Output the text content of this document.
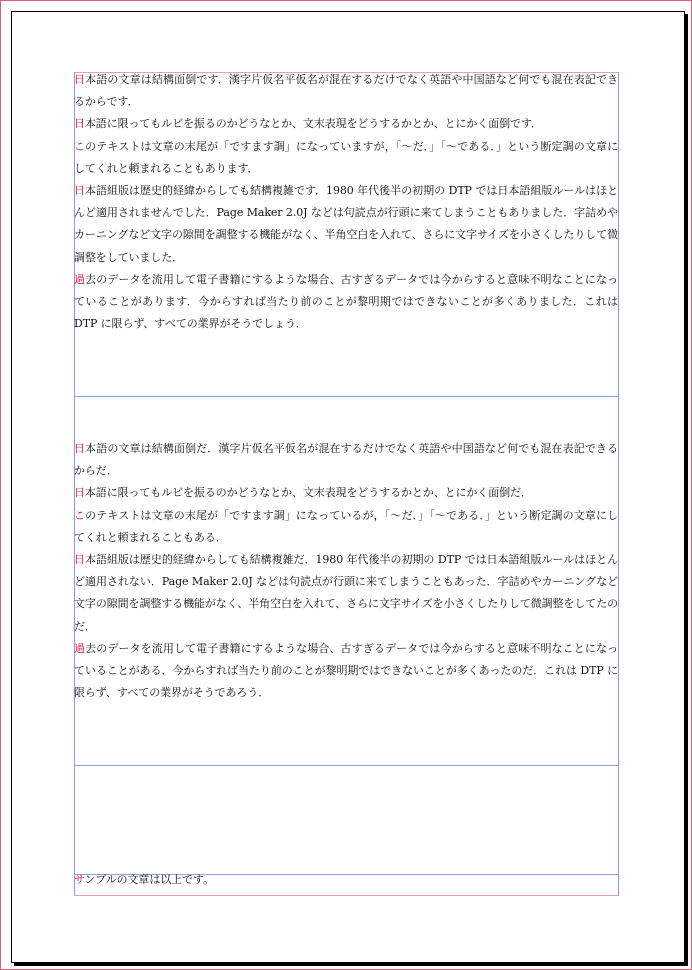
日本語の文章は結構面倒です．漢字片仮名平仮名が混在するだけでなく英語や中国語など何でも混在表記できるからです．

日本語に限ってもルビを振るのかどうなとか、文末表現をどうするかとか、とにかく面倒です．

このテキストは文章の末尾が「ですます調」になっていますが，「〜だ．」「〜である．」という断定調の文章にしてくれと頼まれることもあります．

日本語組版は歴史的経緯からしても結構複雑です．1980 年代後半の初期の DTP では日本語組版ルールはほとんど適用されませんでした．Page Maker 2.0J などは句読点が行頭に来てしまうこともありました．字詰めやカーニングなど文字の隙間を調整する機能がなく、半角空白を入れて、さらに文字サイズを小さくしたりして微調整をしていました．

過去のデータを流用して電子書籍にするような場合、古すぎるデータでは今からすると意味不明なことになっていることがあります．今からすれば当たり前のことが黎明期ではできないことが多くありました．これは DTP に限らず、すべての業界がそうでしょう．

日本語の文章は結構面倒だ．漢字片仮名平仮名が混在するだけでなく英語や中国語など何でも混在表記できるからだ．

日本語に限ってもルビを振るのかどうなとか、文末表現をどうするかとか、とにかく面倒だ．

このテキストは文章の末尾が「ですます調」になっているが，「〜だ．」「〜である．」という断定調の文章にしてくれと頼まれることもある．

日本語組版は歴史的経緯からしても結構複雑だ．1980 年代後半の初期の DTP では日本語組版ルールはほとんど適用されない．Page Maker 2.0J などは句読点が行頭に来てしまうこともあった．字詰めやカーニングなど文字の隙間を調整する機能がなく、半角空白を入れて、さらに文字サイズを小さくしたりして微調整をしてたのだ．

過去のデータを流用して電子書籍にするような場合、古すぎるデータでは今からすると意味不明なことになっていることがある．今からすれば当たり前のことが黎明期ではできないことが多くあったのだ．これは DTP に限らず、すべての業界がそうであろう．

サンプルの文章は以上です。
